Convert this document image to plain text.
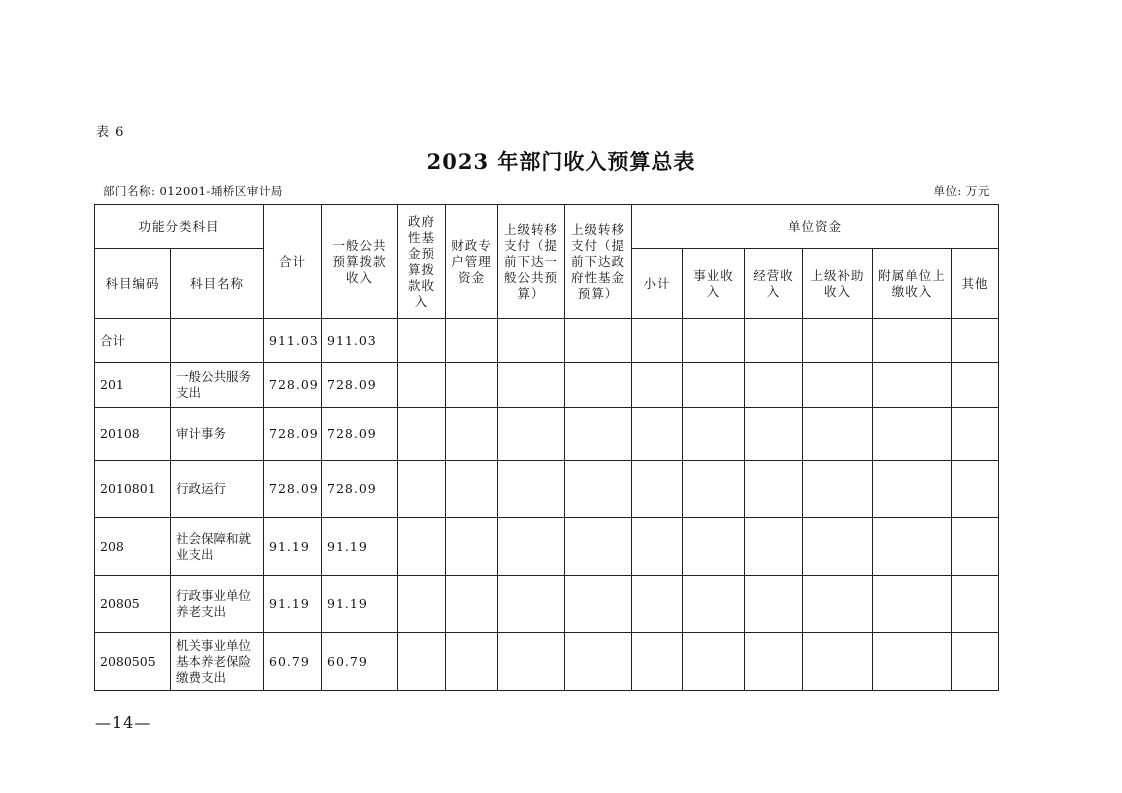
表 6
2023 年部门收入预算总表
部门名称: 012001-埇桥区审计局	单位: 万元
功能分类科目		合计	一般公共预算拨款收入	政府性基金预算拨款收入	财政专户管理资金	上级转移支付（提前下达一般公共预算）	上级转移支付（提前下达政府性基金预算）	单位资金					
科目编码	科目名称							小计	事业收入	经营收入	上级补助收入	附属单位上缴收入	其他
合计		911.03	911.03										
201	一般公共服务支出	728.09	728.09										
20108	审计事务	728.09	728.09										
2010801	行政运行	728.09	728.09										
208	社会保障和就业支出	91.19	91.19										
20805	行政事业单位养老支出	91.19	91.19										
2080505	机关事业单位基本养老保险缴费支出	60.79	60.79										
—14—
